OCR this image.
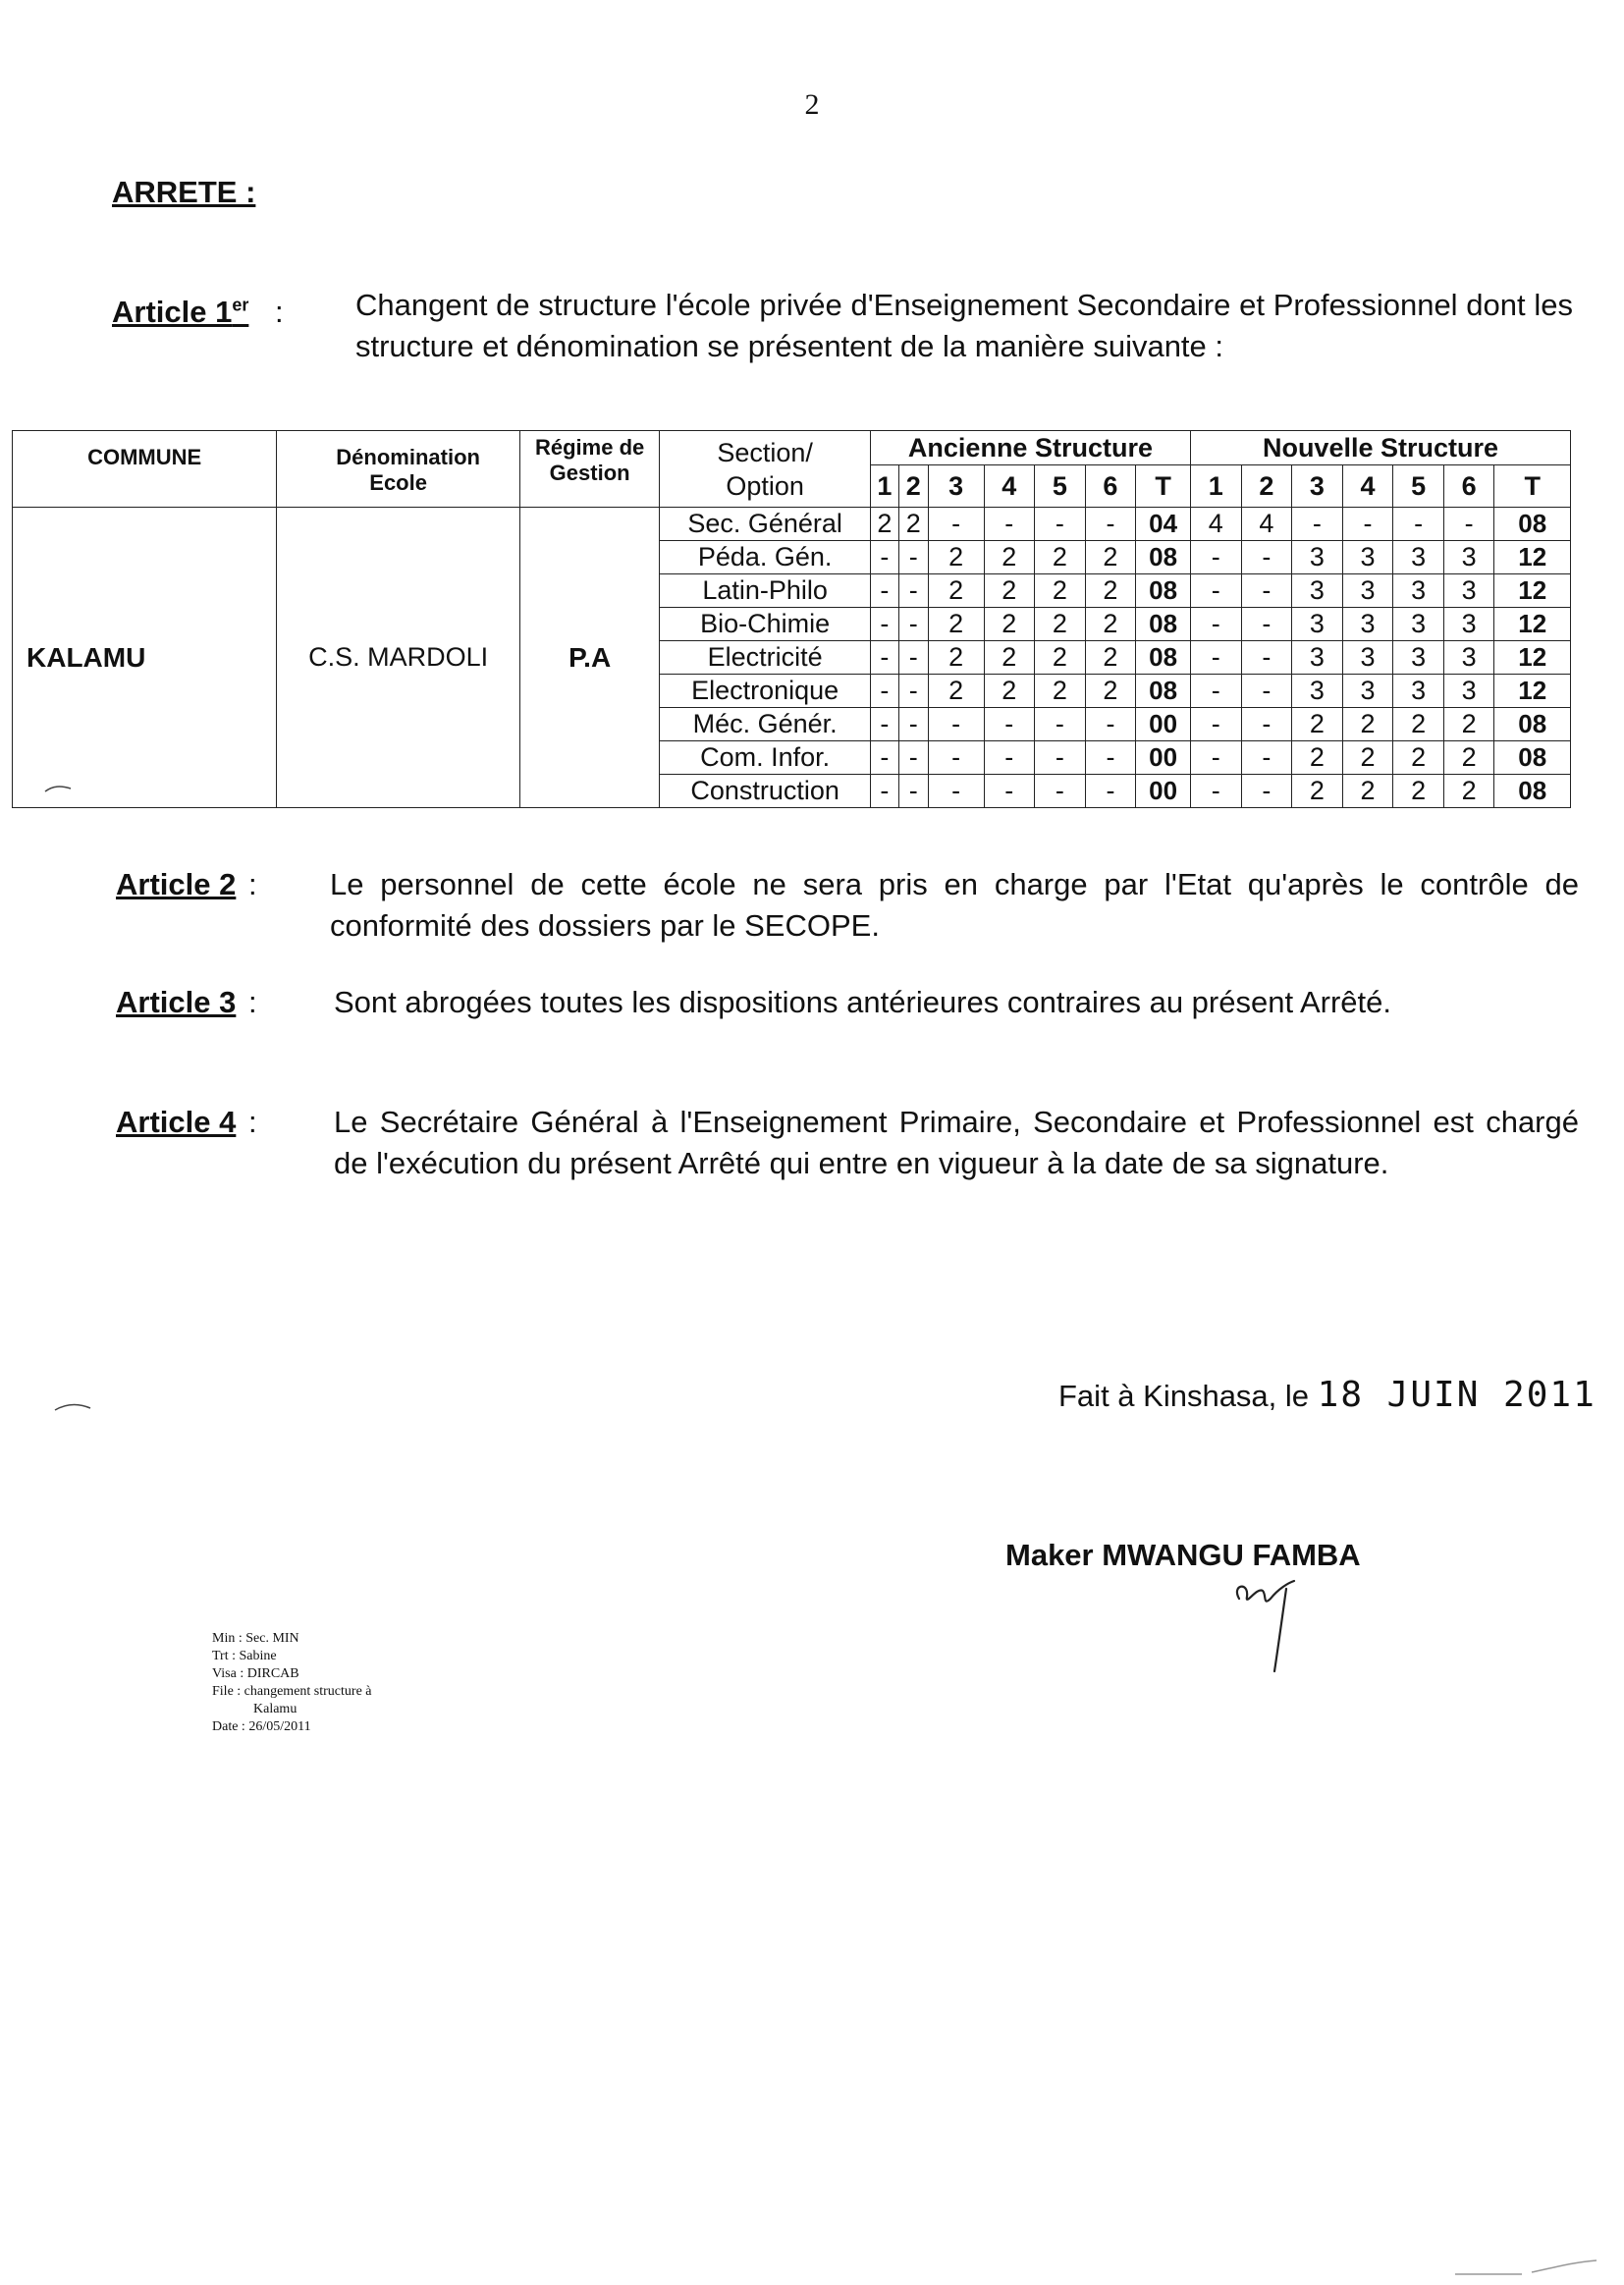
2
ARRETE :
Article 1er : Changent de structure l'école privée d'Enseignement Secondaire et Professionnel dont les structure et dénomination se présentent de la manière suivante :
COMMUNE	Dénomination Ecole	Régime de Gestion	Section/ Option	Ancienne Structure							Nouvelle Structure						
				1	2	3	4	5	6	T	1	2	3	4	5	6	T
KALAMU	C.S. MARDOLI	P.A	Sec. Général	2	2	-	-	-	-	04	4	4	-	-	-	-	08
			Péda. Gén.	-	-	2	2	2	2	08	-	-	3	3	3	3	12
			Latin-Philo	-	-	2	2	2	2	08	-	-	3	3	3	3	12
			Bio-Chimie	-	-	2	2	2	2	08	-	-	3	3	3	3	12
			Electricité	-	-	2	2	2	2	08	-	-	3	3	3	3	12
			Electronique	-	-	2	2	2	2	08	-	-	3	3	3	3	12
			Méc. Génér.	-	-	-	-	-	-	00	-	-	2	2	2	2	08
			Com. Infor.	-	-	-	-	-	-	00	-	-	2	2	2	2	08
			Construction	-	-	-	-	-	-	00	-	-	2	2	2	2	08
Article 2 : Le personnel de cette école ne sera pris en charge par l'Etat qu'après le contrôle de conformité des dossiers par le SECOPE.
Article 3 :	Sont abrogées toutes les dispositions antérieures contraires au présent Arrêté.
Article 4 :	Le Secrétaire Général à l'Enseignement Primaire, Secondaire et Professionnel est chargé de l'exécution du présent Arrêté qui entre en vigueur à la date de sa signature.
Fait à Kinshasa, le 18 JUIN 2011
Maker MWANGU FAMBA
Min : Sec. MIN
Trt : Sabine
Visa : DIRCAB
File : changement structure à
Kalamu
Date : 26/05/2011
